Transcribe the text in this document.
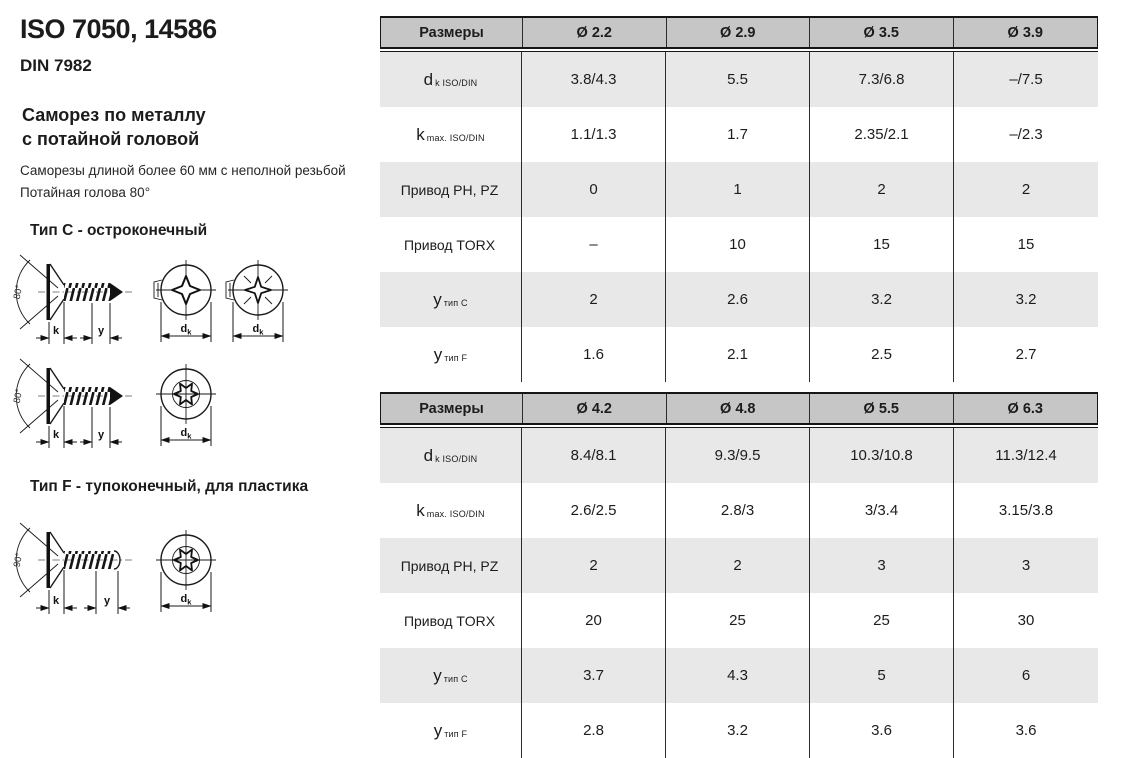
ISO 7050, 14586
DIN 7982
Саморез по металлу
с потайной головой
Саморезы длиной более 60 мм с неполной резьбой
Потайная голова 80°
Тип C - остроконечный
80°
k	y	$d_k$	$d_k$
80°
k	y	$d_k$
Тип F - тупоконечный, для пластика
90°
k	y	$d_k$
Размеры	Ø 2.2	Ø 2.9	Ø 3.5	Ø 3.9
d k ISO/DIN	3.8/4.3	5.5	7.3/6.8	–/7.5
k max. ISO/DIN	1.1/1.3	1.7	2.35/2.1	–/2.3
Привод PH, PZ	0	1	2	2
Привод TORX	–	10	15	15
y тип C	2	2.6	3.2	3.2
y тип F	1.6	2.1	2.5	2.7
Размеры	Ø 4.2	Ø 4.8	Ø 5.5	Ø 6.3
d k ISO/DIN	8.4/8.1	9.3/9.5	10.3/10.8	11.3/12.4
k max. ISO/DIN	2.6/2.5	2.8/3	3/3.4	3.15/3.8
Привод PH, PZ	2	2	3	3
Привод TORX	20	25	25	30
y тип C	3.7	4.3	5	6
y тип F	2.8	3.2	3.6	3.6
